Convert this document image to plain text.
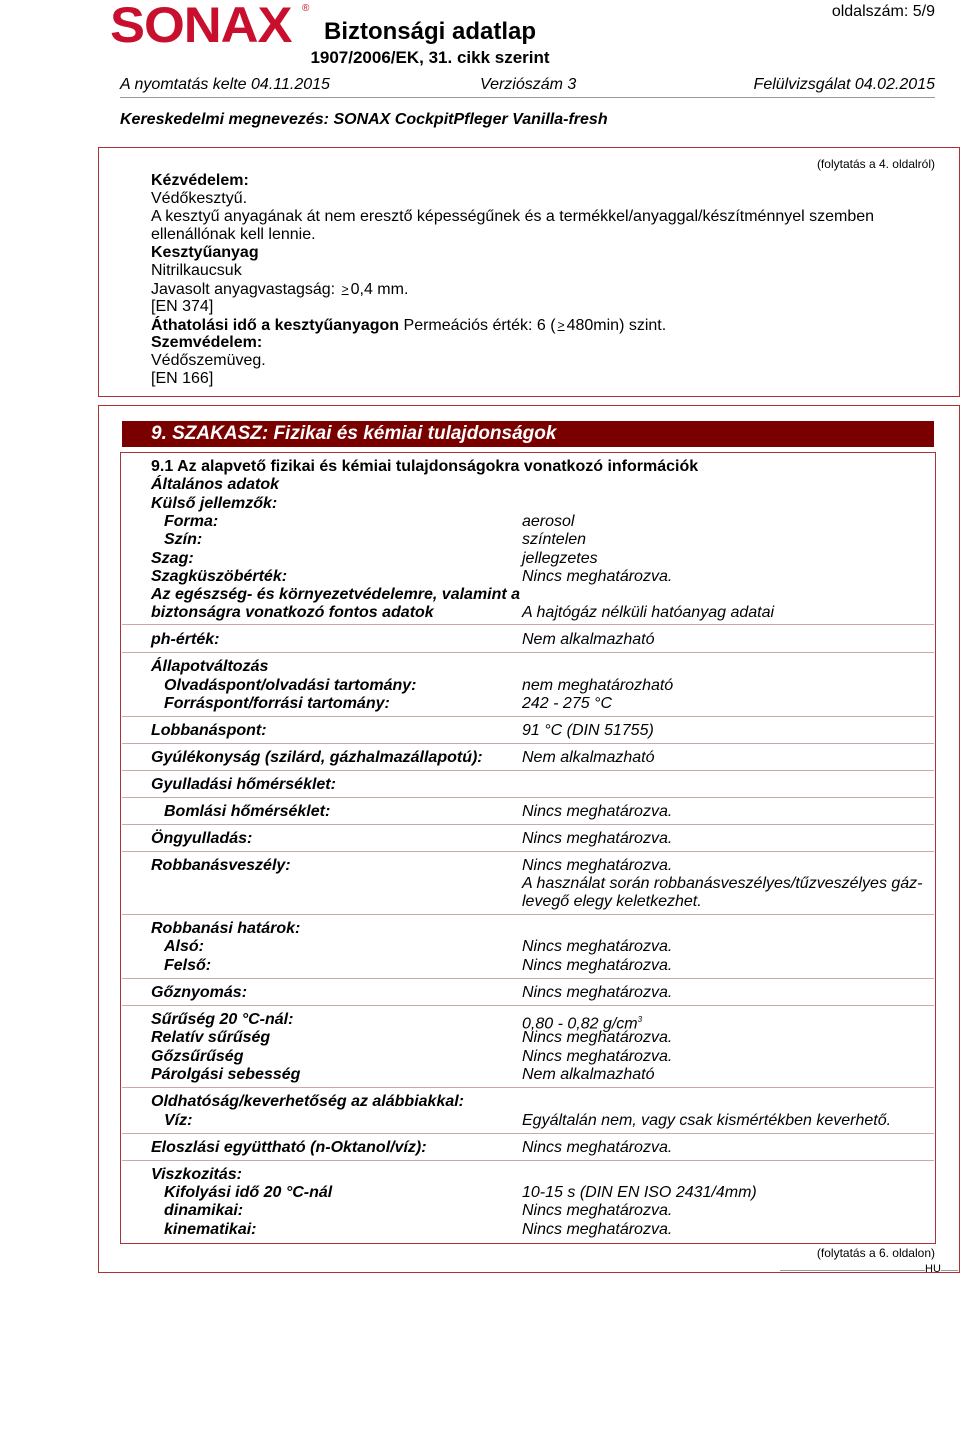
SONAX ®
Biztonsági adatlap
1907/2006/EK, 31. cikk szerint
oldalszám: 5/9
A nyomtatás kelte 04.11.2015	Verziószám 3	Felülvizsgálat 04.02.2015
Kereskedelmi megnevezés: SONAX CockpitPfleger Vanilla-fresh
(folytatás a 4. oldalról)
Kézvédelem:
Védőkesztyű.
A kesztyű anyagának át nem eresztő képességűnek és a termékkel/anyaggal/készítménnyel szemben
ellenállónak kell lennie.
Kesztyűanyag
Nitrilkaucsuk
Javasolt anyagvastagság: > 0,4 mm.
[EN 374]
Áthatolási idő a kesztyűanyagon Permeációs érték: 6 ( ≥ 480min) szint.
Szemvédelem:
Védőszemüveg.
[EN 166]
9. SZAKASZ: Fizikai és kémiai tulajdonságok
9.1 Az alapvető fizikai és kémiai tulajdonságokra vonatkozó információk
Általános adatok
Külső jellemzők:
Forma:	aerosol
Szín:	színtelen
Szag:	jellegzetes
Szagküszöbérték:	Nincs meghatározva.
Az egészség- és környezetvédelemre, valamint a
biztonságra vonatkozó fontos adatok	A hajtógáz nélküli hatóanyag adatai
ph-érték:	Nem alkalmazható
Állapotváltozás
Olvadáspont/olvadási tartomány:	nem meghatározható
Forráspont/forrási tartomány:	242 - 275 °C
Lobbanáspont:	91 °C (DIN 51755)
Gyúlékonyság (szilárd, gázhalmazállapotú): Nem alkalmazható
Gyulladási hőmérséklet:
Bomlási hőmérséklet:	Nincs meghatározva.
Öngyulladás:	Nincs meghatározva.
Robbanásveszély:	Nincs meghatározva.
A használat során robbanásveszélyes/tűzveszélyes gáz-
levegő elegy keletkezhet.
Robbanási határok:
Alsó:	Nincs meghatározva.
Felső:	Nincs meghatározva.
Gőznyomás:	Nincs meghatározva.
Sűrűség 20 °C-nál:	0,80 - 0,82 $g/cm^3$
Relatív sűrűség	Nincs meghatározva.
Gőzsűrűség	Nincs meghatározva.
Párolgási sebesség	Nem alkalmazható
Oldhatóság/keverhetőség az alábbiakkal:
Víz:	Egyáltalán nem, vagy csak kismértékben keverhető.
Eloszlási együttható (n-Oktanol/víz):	Nincs meghatározva.
Viszkozitás:
Kifolyási idő 20 °C-nál	10-15 s (DIN EN ISO 2431/4mm)
dinamikai:	Nincs meghatározva.
kinematikai:	Nincs meghatározva.
(folytatás a 6. oldalon)
HU
